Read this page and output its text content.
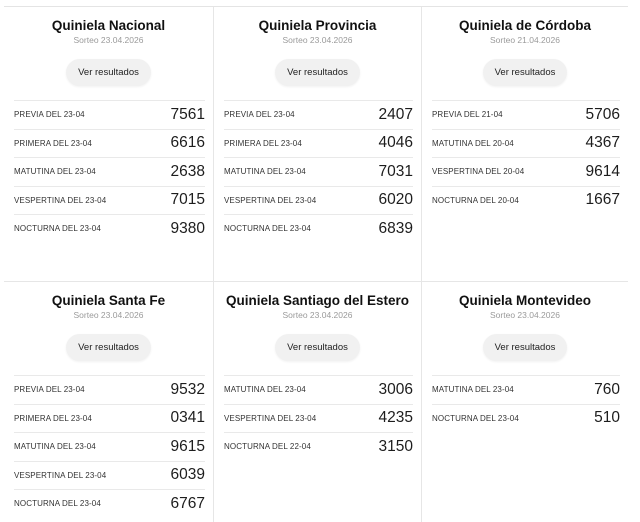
Quiniela Nacional
Sorteo 23.04.2026
Ver resultados
PREVIA DEL 23-04	7561
PRIMERA DEL 23-04	6616
MATUTINA DEL 23-04	2638
VESPERTINA DEL 23-04	7015
NOCTURNA DEL 23-04	9380
Quiniela Provincia
Sorteo 23.04.2026
Ver resultados
PREVIA DEL 23-04	2407
PRIMERA DEL 23-04	4046
MATUTINA DEL 23-04	7031
VESPERTINA DEL 23-04	6020
NOCTURNA DEL 23-04	6839
Quiniela de Córdoba
Sorteo 21.04.2026
Ver resultados
PREVIA DEL 21-04	5706
MATUTINA DEL 20-04	4367
VESPERTINA DEL 20-04	9614
NOCTURNA DEL 20-04	1667
Quiniela Santa Fe
Sorteo 23.04.2026
Ver resultados
PREVIA DEL 23-04	9532
PRIMERA DEL 23-04	0341
MATUTINA DEL 23-04	9615
VESPERTINA DEL 23-04	6039
NOCTURNA DEL 23-04	6767
Quiniela Santiago del Estero
Sorteo 23.04.2026
Ver resultados
MATUTINA DEL 23-04	3006
VESPERTINA DEL 23-04	4235
NOCTURNA DEL 22-04	3150
Quiniela Montevideo
Sorteo 23.04.2026
Ver resultados
MATUTINA DEL 23-04	760
NOCTURNA DEL 23-04	510
